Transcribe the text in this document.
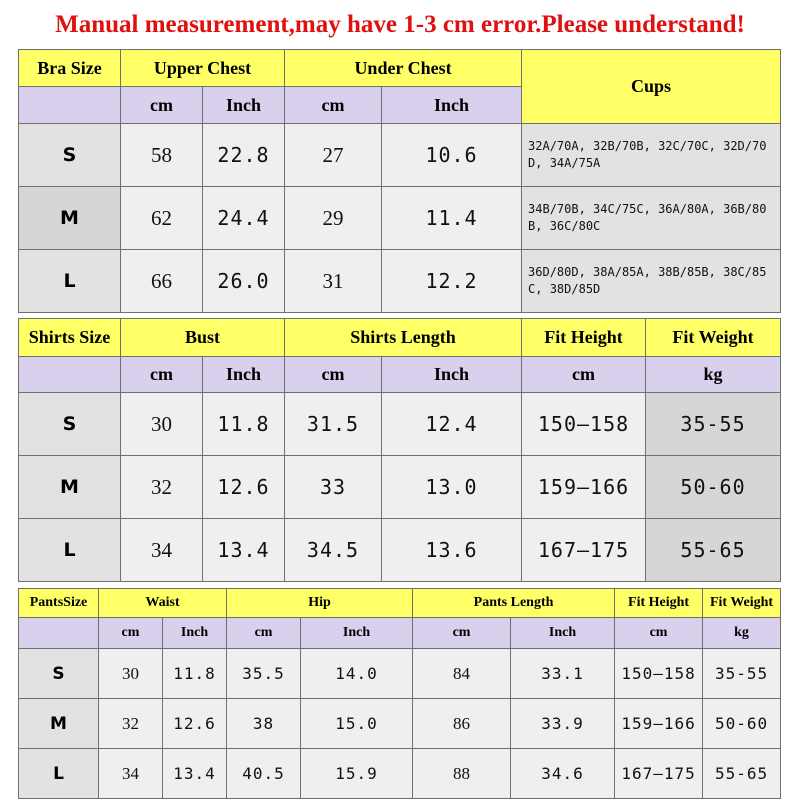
Manual measurement,may have 1-3 cm error.Please understand!
Bra Size	Upper Chest		Under Chest		Cups
	cm	Inch	cm	Inch	
S	58	22.8	27	10.6	32A/70A, 32B/70B, 32C/70C, 32D/70D, 34A/75A
M	62	24.4	29	11.4	34B/70B, 34C/75C, 36A/80A, 36B/80B, 36C/80C
L	66	26.0	31	12.2	36D/80D, 38A/85A, 38B/85B, 38C/85C, 38D/85D
Shirts Size	Bust		Shirts Length		Fit Height	Fit Weight
	cm	Inch	cm	Inch	cm	kg
S	30	11.8	31.5	12.4	150—158	35-55
M	32	12.6	33	13.0	159—166	50-60
L	34	13.4	34.5	13.6	167—175	55-65
PantsSize	Waist		Hip		Pants Length		Fit Height	Fit Weight
	cm	Inch	cm	Inch	cm	Inch	cm	kg
S	30	11.8	35.5	14.0	84	33.1	150—158	35-55
M	32	12.6	38	15.0	86	33.9	159—166	50-60
L	34	13.4	40.5	15.9	88	34.6	167—175	55-65
